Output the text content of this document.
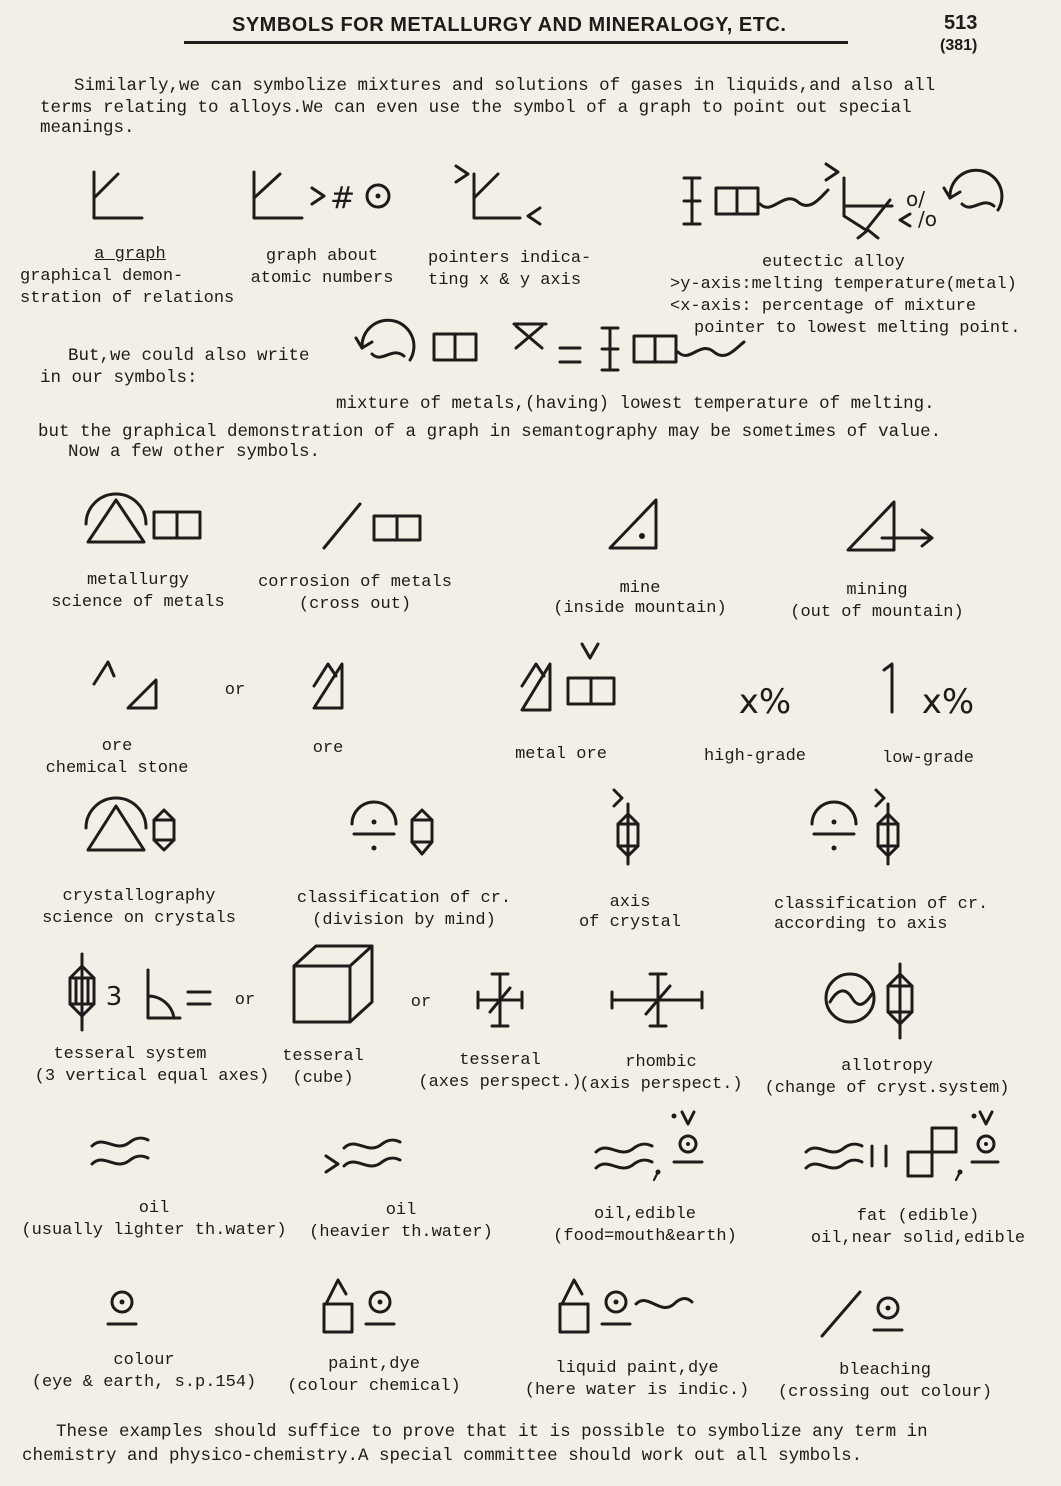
SYMBOLS FOR METALLURGY AND MINERALOGY, ETC.	513
(381)
Similarly,we can symbolize mixtures and solutions of gases in liquids,and also all
terms relating to alloys.We can even use the symbol of a graph to point out special
meanings.
#	o/
/o
a graph
graphical demon-
stration of relations
graph about
atomic numbers
pointers indica-
ting x & y axis
eutectic alloy
>y-axis:melting temperature(metal)
<x-axis: percentage of mixture
pointer to lowest melting point.
But,we could also write
in our symbols:
mixture of metals,(having) lowest temperature of melting.
but the graphical demonstration of a graph in semantography may be sometimes of value.
Now a few other symbols.
metallurgy
science of metals
corrosion of metals
(cross out)
mine
(inside mountain)
mining
(out of mountain)
or	x%	x%
ore
chemical stone
ore	metal ore	high-grade	low-grade
crystallography
science on crystals
classification of cr.
(division by mind)
axis
of crystal
classification of cr.
according to axis
3	or	or
tesseral system
(3 vertical equal axes)
tesseral
(cube)
tesseral
(axes perspect.)
rhombic
(axis perspect.)
allotropy
(change of cryst.system)
oil
(usually lighter th.water)
oil
(heavier th.water)
oil,edible
(food=mouth&earth)
fat (edible)
oil,near solid,edible
colour
(eye & earth, s.p.154)
paint,dye
(colour chemical)
liquid paint,dye
(here water is indic.)
bleaching
(crossing out colour)
These examples should suffice to prove that it is possible to symbolize any term in
chemistry and physico-chemistry.A special committee should work out all symbols.
